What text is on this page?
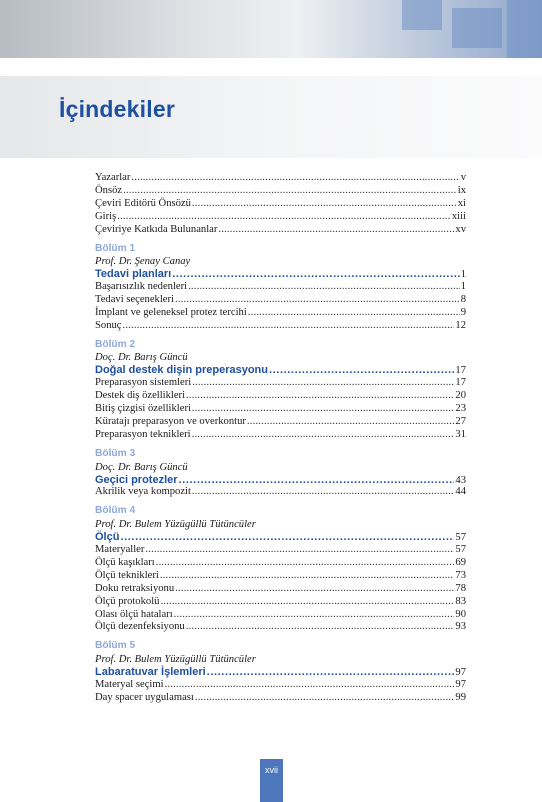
İçindekiler
Yazarlar .....	v
Önsöz .....	ix
Çeviri Editörü Önsözü .....	xi
Giriş .....	xiii
Çeviriye Katkıda Bulunanlar .....	xv
Bölüm 1
Prof. Dr. Şenay Canay
Tedavi planları .....	1
Başarısızlık nedenleri .....	1
Tedavi seçenekleri .....	8
İmplant ve geleneksel protez tercihi .....	9
Sonuç .....	12
Bölüm 2
Doç. Dr. Barış Güncü
Doğal destek dişin preperasyonu .....	17
Preparasyon sistemleri .....	17
Destek diş özellikleri .....	20
Bitiş çizgisi özellikleri .....	23
Küratajı preparasyon ve overkontur .....	27
Preparasyon teknikleri .....	31
Bölüm 3
Doç. Dr. Barış Güncü
Geçici protezler .....	43
Akrilik veya kompozit .....	44
Bölüm 4
Prof. Dr. Bulem Yüzügüllü Tütüncüler
Ölçü .....	57
Materyaller .....	57
Ölçü kaşıkları .....	69
Ölçü teknikleri .....	73
Doku retraksiyonu .....	78
Ölçü protokolü .....	83
Olası ölçü hataları .....	90
Ölçü dezenfeksiyonu .....	93
Bölüm 5
Prof. Dr. Bulem Yüzügüllü Tütüncüler
Labaratuvar İşlemleri .....	97
Materyal seçimi .....	97
Day spacer uygulaması .....	99
xvii
